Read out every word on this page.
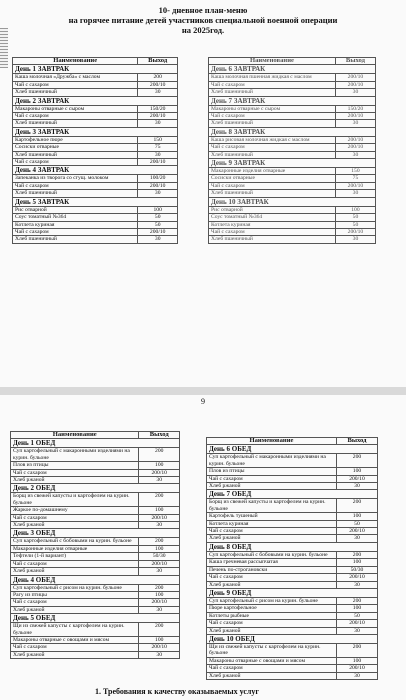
10- дневное план-меню
на горячее питание детей участников специальной военной операции
на 2025год.
Наименование	Выход
День 1 ЗАВТРАК	
Каша молочная «Дружба» с маслом	200
Чай с сахаром	200/10
Хлеб пшеничный	30
День 2 ЗАВТРАК	
Макароны отварные с сыром	150/20
Чай с сахаром	200/10
Хлеб пшеничный	30
День 3 ЗАВТРАК	
Картофельное пюре	150
Сосиски отварные	75
Хлеб пшеничный	30
Чай с сахаром	200/10
День 4 ЗАВТРАК	
Запеканка из творога со сгущ. молоком	100/20
Чай с сахаром	200/10
Хлеб пшеничный	30
День 5 ЗАВТРАК	
Рис отварной	100
Соус томатный №364	50
Котлета куриная	50
Чай с сахаром	200/10
Хлеб пшеничный	30
Наименование	Выход
День 6 ЗАВТРАК	
Каша молочная пшенная жидкая с маслом	200/10
Чай с сахаром	200/10
Хлеб пшеничный	30
День 7 ЗАВТРАК	
Макароны отварные с сыром	150/20
Чай с сахаром	200/10
Хлеб пшеничный	30
День 8 ЗАВТРАК	
Каша рисовая молочная жидкая с маслом	200/10
Чай с сахаром	200/10
Хлеб пшеничный	30
День 9 ЗАВТРАК	
Макаронные изделия отварные	150
Сосиски отварные	75
Чай с сахаром	200/10
Хлеб пшеничный	30
День 10 ЗАВТРАК	
Рис отварной	100
Соус томатный №364	50
Котлета куриная	50
Чай с сахаром	200/10
Хлеб пшеничный	30
9
Наименование	Выход
День 1 ОБЕД	
Суп картофельный с макаронными изделиями на курин. бульоне	200
Плов из птицы	100
Чай с сахаром	200/10
Хлеб ржаной	30
День 2 ОБЕД	
Борщ из свежей капусты и картофелем на курин. бульоне	200
Жаркое по-домашнему	100
Чай с сахаром	200/10
Хлеб ржаной	30
День 3 ОБЕД	
Суп картофельный с бобовыми на курин. бульоне	200
Макаронные изделия отварные	100
Тефтели (1-й вариант)	50/30
Чай с сахаром	200/10
Хлеб ржаной	30
День 4 ОБЕД	
Суп картофельный с рисом на курин. бульоне	200
Рагу из птицы	100
Чай с сахаром	200/10
Хлеб ржаной	30
День 5 ОБЕД	
Щи из свежей капусты с картофелем на курин. бульоне	200
Макароны отварные с овощами и мясом	100
Чай с сахаром	200/10
Хлеб ржаной	30
Наименование	Выход
День 6 ОБЕД	
Суп картофельный с макаронными изделиями на курин. бульоне	200
Плов из птицы	100
Чай с сахаром	200/10
Хлеб ржаной	30
День 7 ОБЕД	
Борщ из свежей капусты и картофелем на курин. бульоне	200
Картофель тушеный	100
Котлета куриная	50
Чай с сахаром	200/10
Хлеб ржаной	30
День 8 ОБЕД	
Суп картофельный с бобовыми на курин. бульоне	200
Каша гречневая рассыпчатая	100
Печень по-строгановски	50/30
Чай с сахаром	200/10
Хлеб ржаной	30
День 9 ОБЕД	
Суп картофельный с рисом на курин. бульоне	200
Пюре картофельное	100
Котлеты рыбные	50
Чай с сахаром	200/10
Хлеб ржаной	30
День 10 ОБЕД	
Щи из свежей капусты с картофелем на курин. бульоне	200
Макароны отварные с овощами и мясом	100
Чай с сахаром	200/10
Хлеб ржаной	30
1. Требования к качеству оказываемых услуг
